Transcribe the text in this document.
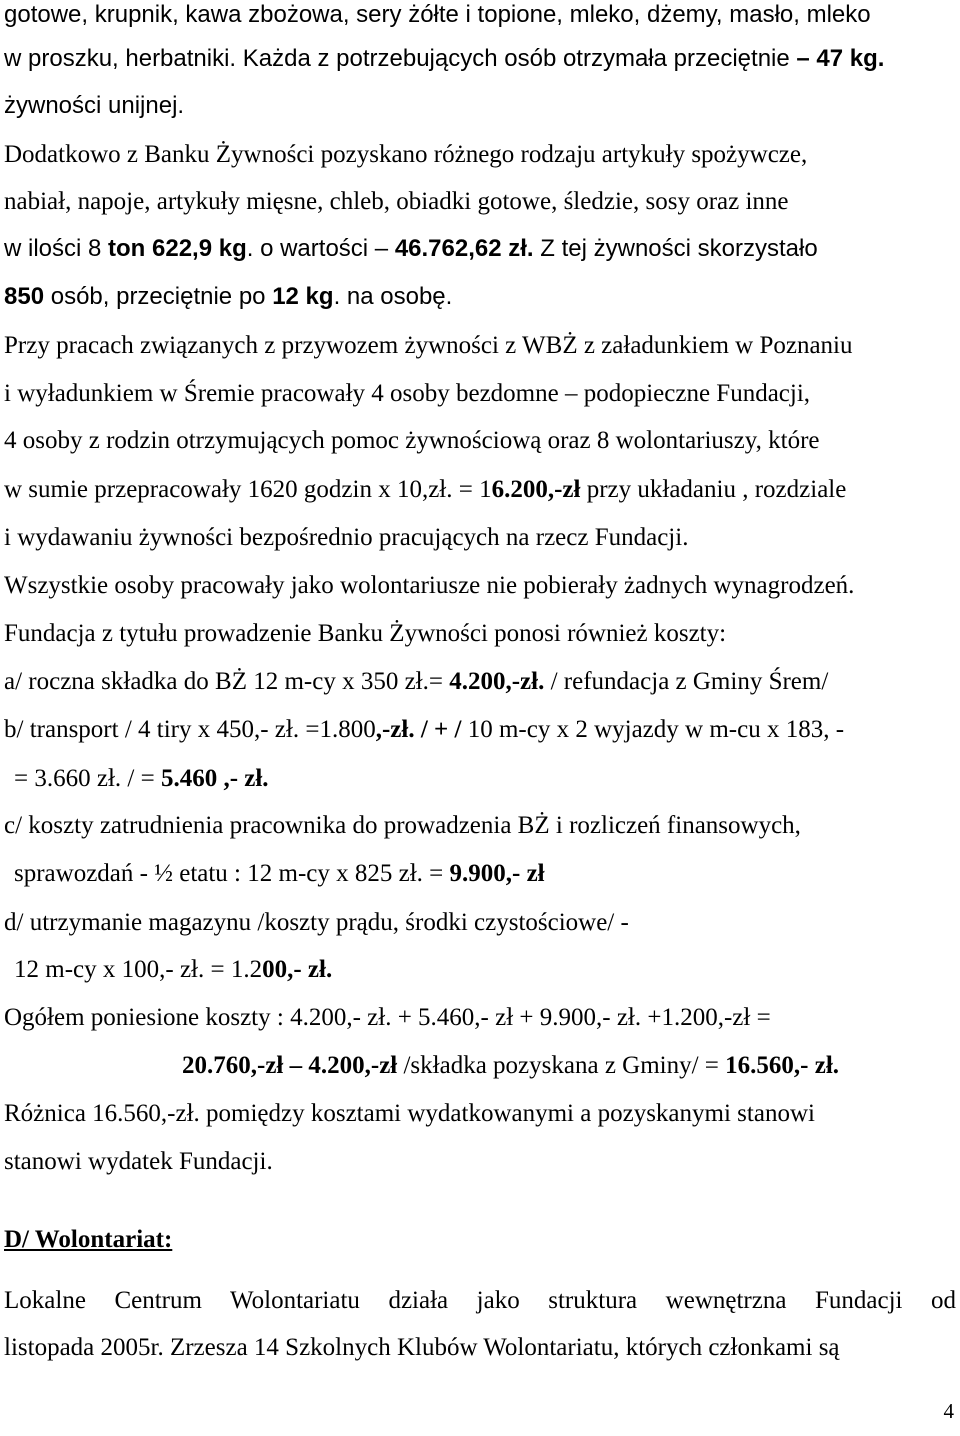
gotowe, krupnik, kawa zbożowa, sery żółte i topione, mleko, dżemy, masło, mleko
w proszku, herbatniki. Każda z potrzebujących osób otrzymała przeciętnie – 47 kg.
żywności unijnej.
Dodatkowo z Banku Żywności pozyskano różnego rodzaju artykuły spożywcze,
nabiał, napoje, artykuły mięsne, chleb, obiadki gotowe, śledzie, sosy oraz inne
w ilości 8 ton 622,9 kg. o wartości – 46.762,62 zł. Z tej żywności skorzystało
850 osób, przeciętnie po 12 kg. na osobę.
Przy pracach związanych z przywozem żywności z WBŻ z załadunkiem w Poznaniu
i wyładunkiem w Śremie pracowały 4 osoby bezdomne – podopieczne Fundacji,
4 osoby z rodzin otrzymujących pomoc żywnościową oraz 8 wolontariuszy, które
w sumie przepracowały 1620 godzin x 10,zł. = 16.200,-zł przy układaniu , rozdziale
i wydawaniu żywności bezpośrednio pracujących na rzecz Fundacji.
Wszystkie osoby pracowały jako wolontariusze nie pobierały żadnych wynagrodzeń.
Fundacja z tytułu prowadzenie Banku Żywności ponosi również koszty:
a/ roczna składka do BŻ 12 m-cy x 350 zł.= 4.200,-zł. / refundacja z Gminy Śrem/
b/ transport / 4 tiry x 450,- zł. =1.800,-zł. / + / 10 m-cy x 2 wyjazdy w m-cu x 183, -
= 3.660 zł. / = 5.460 ,- zł.
c/ koszty zatrudnienia pracownika do prowadzenia BŻ i rozliczeń finansowych,
sprawozdań - ½ etatu : 12 m-cy x 825 zł. = 9.900,- zł
d/ utrzymanie magazynu /koszty prądu, środki czystościowe/ -
12 m-cy x 100,- zł. = 1.200,- zł.
Ogółem poniesione koszty : 4.200,- zł. + 5.460,- zł + 9.900,- zł. +1.200,-zł =
20.760,-zł – 4.200,-zł /składka pozyskana z Gminy/ = 16.560,- zł.
Różnica 16.560,-zł. pomiędzy kosztami wydatkowanymi a pozyskanymi stanowi
stanowi wydatek Fundacji.
D/ Wolontariat:
Lokalne Centrum Wolontariatu działa jako struktura wewnętrzna Fundacji od
listopada 2005r. Zrzesza 14 Szkolnych Klubów Wolontariatu, których członkami są
4
